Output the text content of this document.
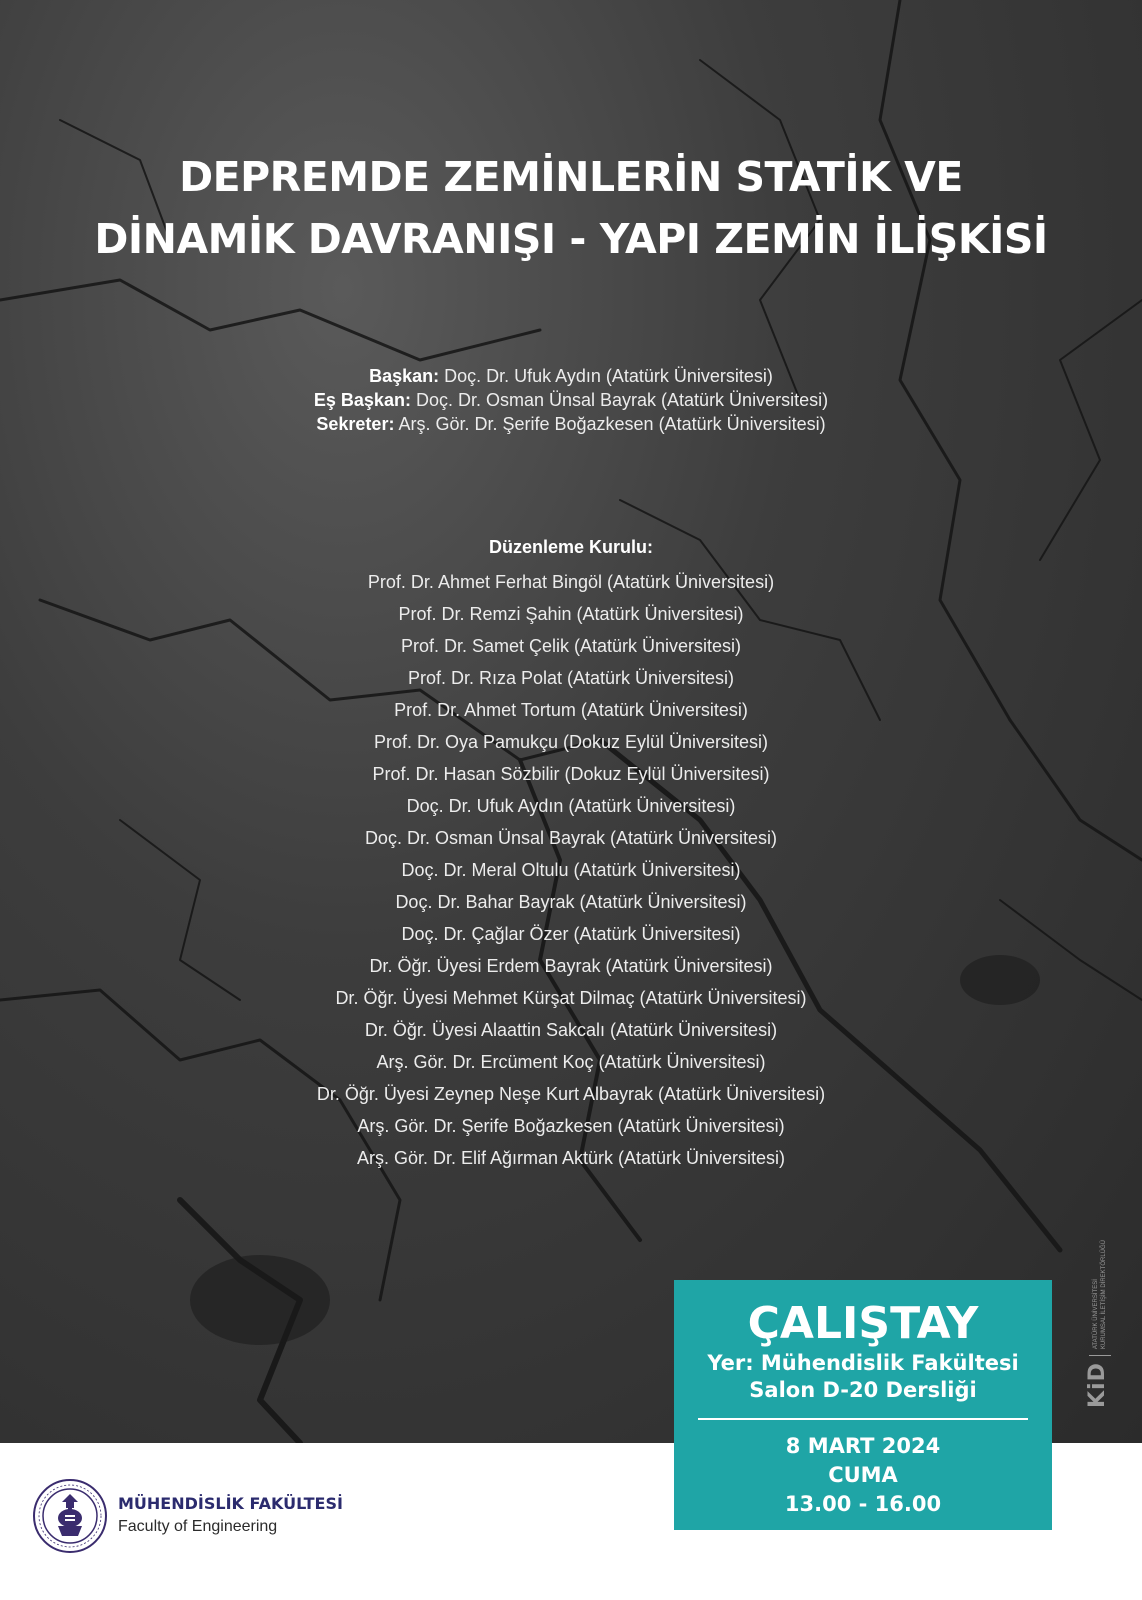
DEPREMDE ZEMİNLERİN STATİK VE
DİNAMİK DAVRANIŞI - YAPI ZEMİN İLİŞKİSİ
Başkan: Doç. Dr. Ufuk Aydın (Atatürk Üniversitesi)
Eş Başkan: Doç. Dr. Osman Ünsal Bayrak (Atatürk Üniversitesi)
Sekreter: Arş. Gör. Dr. Şerife Boğazkesen (Atatürk Üniversitesi)
Düzenleme Kurulu:
Prof. Dr. Ahmet Ferhat Bingöl (Atatürk Üniversitesi)
Prof. Dr. Remzi Şahin (Atatürk Üniversitesi)
Prof. Dr. Samet Çelik (Atatürk Üniversitesi)
Prof. Dr. Rıza Polat (Atatürk Üniversitesi)
Prof. Dr. Ahmet Tortum (Atatürk Üniversitesi)
Prof. Dr. Oya Pamukçu (Dokuz Eylül Üniversitesi)
Prof. Dr. Hasan Sözbilir (Dokuz Eylül Üniversitesi)
Doç. Dr. Ufuk Aydın (Atatürk Üniversitesi)
Doç. Dr. Osman Ünsal Bayrak (Atatürk Üniversitesi)
Doç. Dr. Meral Oltulu (Atatürk Üniversitesi)
Doç. Dr. Bahar Bayrak (Atatürk Üniversitesi)
Doç. Dr. Çağlar Özer (Atatürk Üniversitesi)
Dr. Öğr. Üyesi Erdem Bayrak (Atatürk Üniversitesi)
Dr. Öğr. Üyesi Mehmet Kürşat Dilmaç (Atatürk Üniversitesi)
Dr. Öğr. Üyesi Alaattin Sakcalı (Atatürk Üniversitesi)
Arş. Gör. Dr. Ercüment Koç (Atatürk Üniversitesi)
Dr. Öğr. Üyesi Zeynep Neşe Kurt Albayrak (Atatürk Üniversitesi)
Arş. Gör. Dr. Şerife Boğazkesen (Atatürk Üniversitesi)
Arş. Gör. Dr. Elif Ağırman Aktürk (Atatürk Üniversitesi)
ÇALIŞTAY
Yer: Mühendislik Fakültesi
Salon D-20 Dersliği
8 MART 2024
CUMA
13.00 - 16.00
KiDATATÜRK ÜNİVERSİTESİ KURUMSAL İLETİŞİM DİREKTÖRLÜĞÜ
MÜHENDİSLİK FAKÜLTESİ
Faculty of Engineering
